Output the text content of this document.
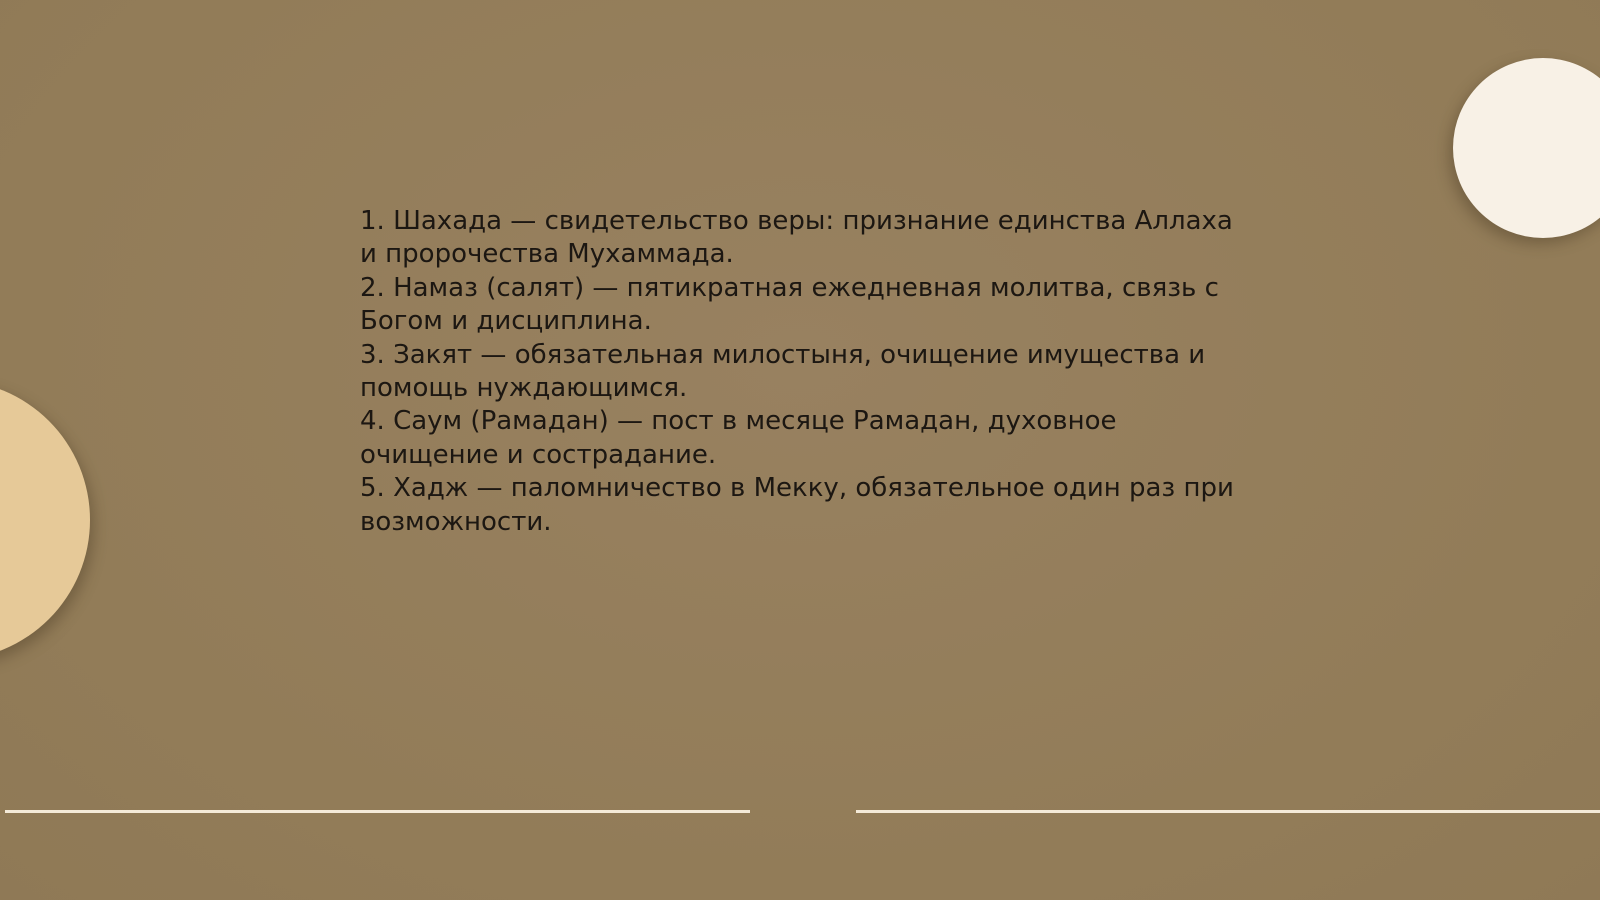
1. Шахада — свидетельство веры: признание единства Аллаха и пророчества Мухаммада.
2. Намаз (салят) — пятикратная ежедневная молитва, связь с Богом и дисциплина.
3. Закят — обязательная милостыня, очищение имущества и помощь нуждающимся.
4. Саум (Рамадан) — пост в месяце Рамадан, духовное очищение и сострадание.
5. Хадж — паломничество в Мекку, обязательное один раз при возможности.
